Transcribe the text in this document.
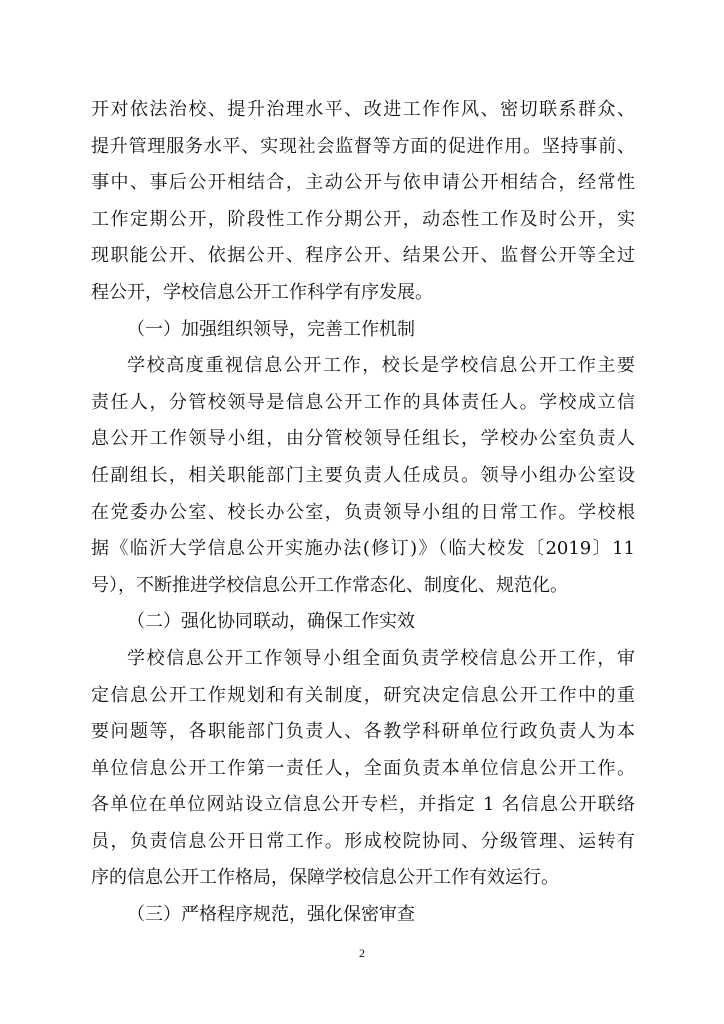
开对依法治校、提升治理水平、改进工作作风、密切联系群众、
提升管理服务水平、实现社会监督等方面的促进作用。坚持事前、
事中、事后公开相结合，主动公开与依申请公开相结合，经常性
工作定期公开，阶段性工作分期公开，动态性工作及时公开，实
现职能公开、依据公开、程序公开、结果公开、监督公开等全过
程公开，学校信息公开工作科学有序发展。
（一）加强组织领导，完善工作机制
学校高度重视信息公开工作，校长是学校信息公开工作主要
责任人，分管校领导是信息公开工作的具体责任人。学校成立信
息公开工作领导小组，由分管校领导任组长，学校办公室负责人
任副组长，相关职能部门主要负责人任成员。领导小组办公室设
在党委办公室、校长办公室，负责领导小组的日常工作。学校根
据《临沂大学信息公开实施办法(修订)》（临大校发〔2019〕11
号），不断推进学校信息公开工作常态化、制度化、规范化。
（二）强化协同联动，确保工作实效
学校信息公开工作领导小组全面负责学校信息公开工作，审
定信息公开工作规划和有关制度，研究决定信息公开工作中的重
要问题等，各职能部门负责人、各教学科研单位行政负责人为本
单位信息公开工作第一责任人，全面负责本单位信息公开工作。
各单位在单位网站设立信息公开专栏，并指定 1 名信息公开联络
员，负责信息公开日常工作。形成校院协同、分级管理、运转有
序的信息公开工作格局，保障学校信息公开工作有效运行。
（三）严格程序规范，强化保密审查
2
